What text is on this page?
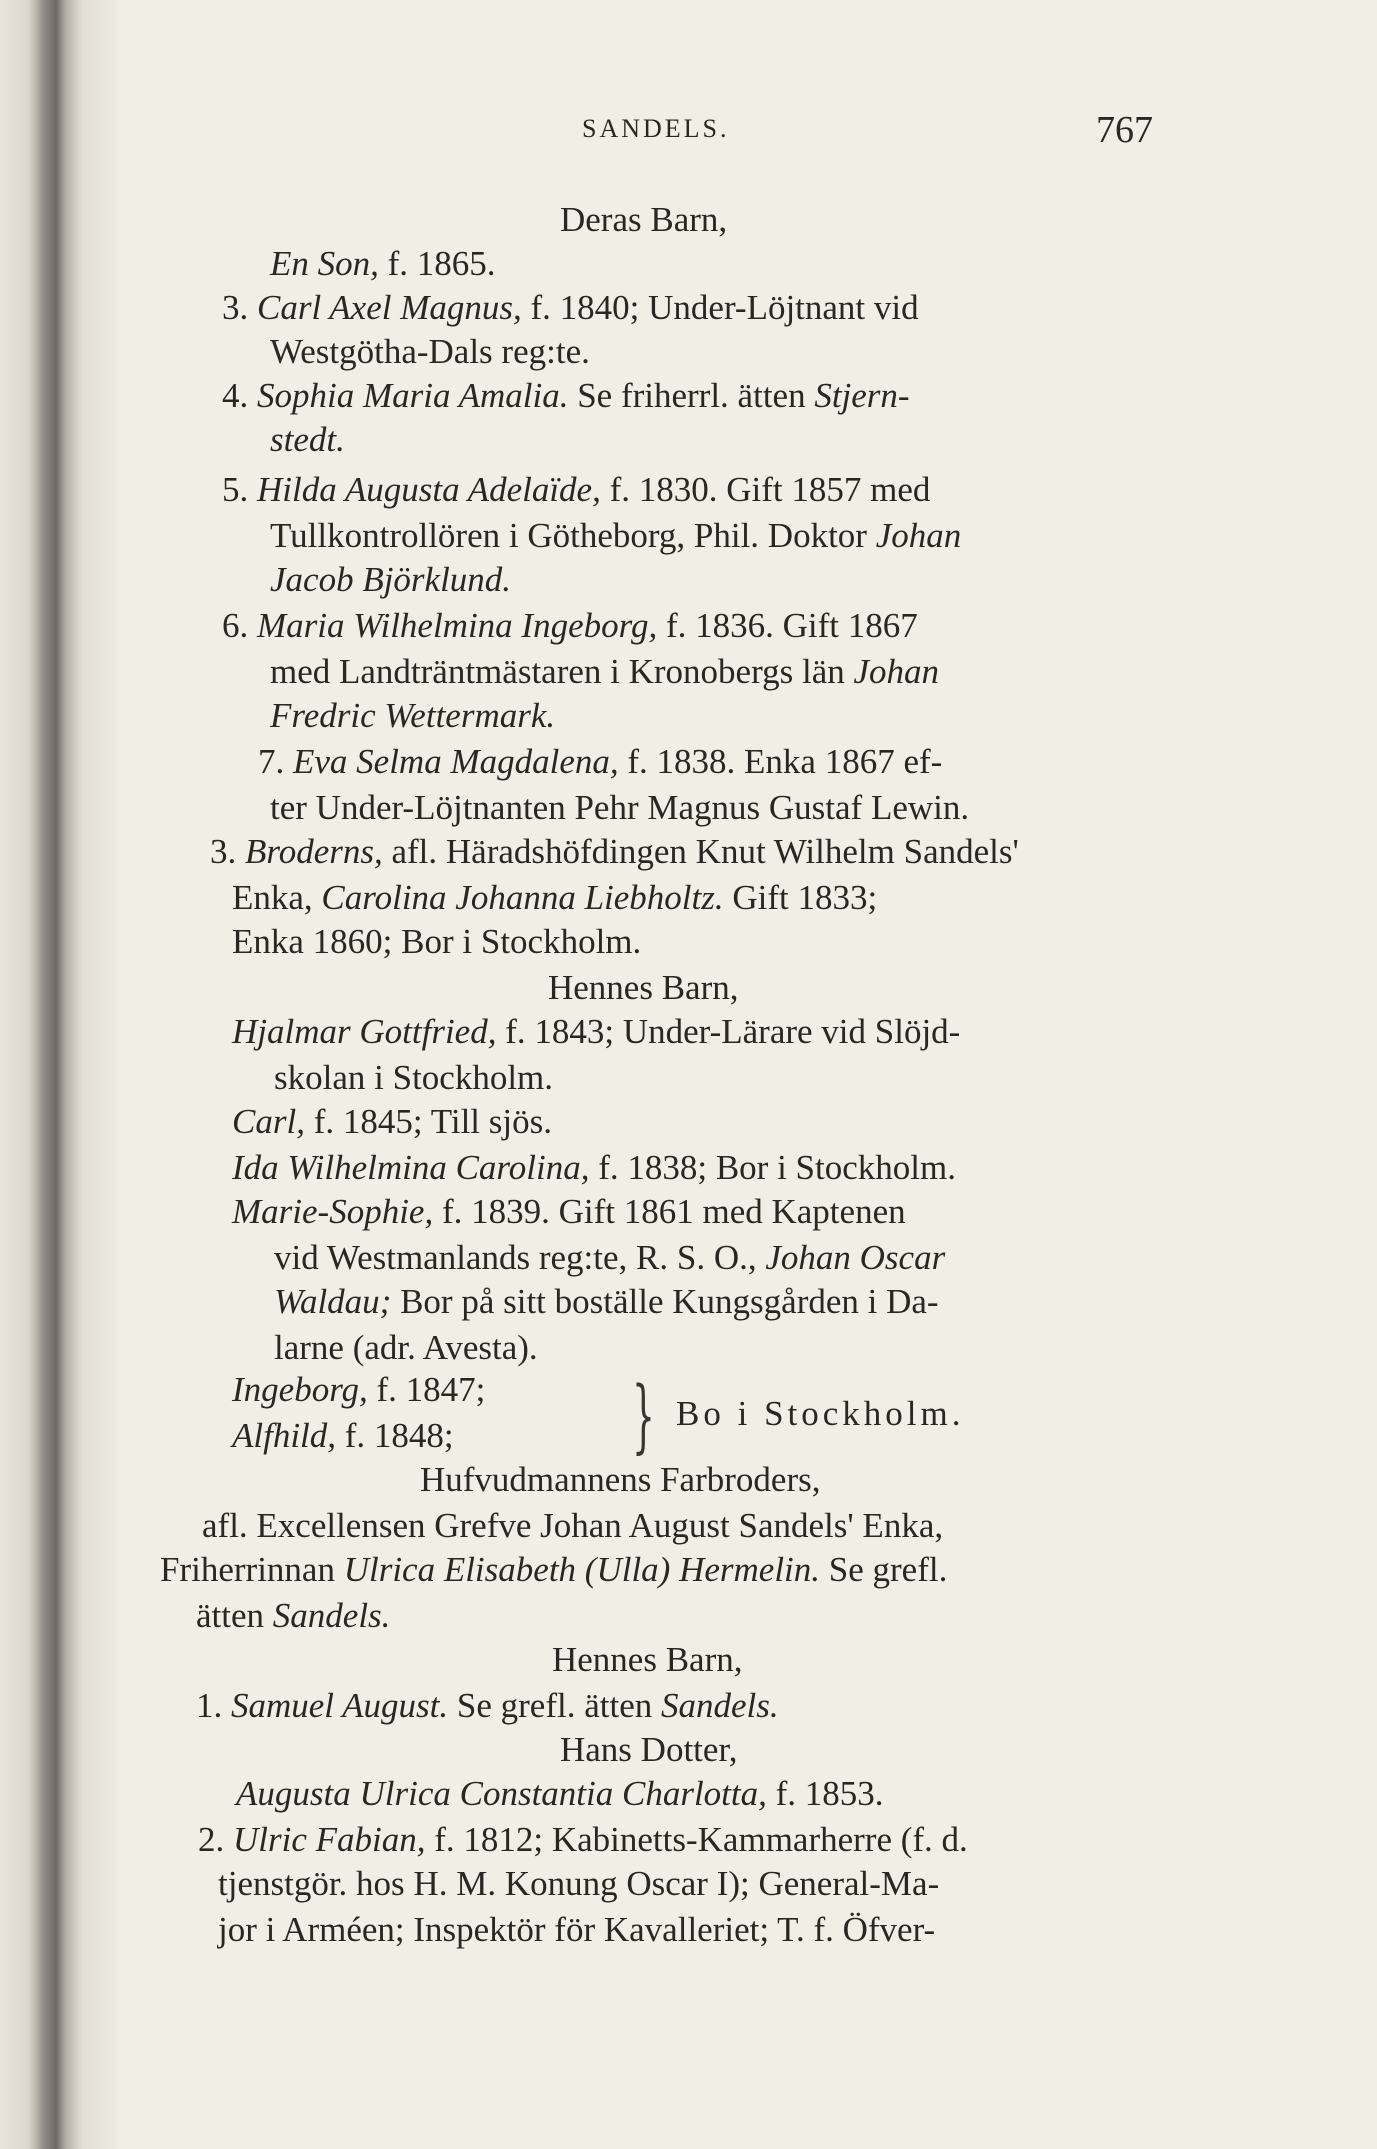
SANDELS.	767
Deras Barn,
En Son, f. 1865.
3. Carl Axel Magnus, f. 1840; Under-Löjtnant vid
Westgötha-Dals reg:te.
4. Sophia Maria Amalia. Se friherrl. ätten Stjern-
stedt.
5. Hilda Augusta Adelaïde, f. 1830. Gift 1857 med
Tullkontrollören i Götheborg, Phil. Doktor Johan
Jacob Björklund.
6. Maria Wilhelmina Ingeborg, f. 1836. Gift 1867
med Landträntmästaren i Kronobergs län Johan
Fredric Wettermark.
7. Eva Selma Magdalena, f. 1838. Enka 1867 ef-
ter Under-Löjtnanten Pehr Magnus Gustaf Lewin.
3. Broderns, afl. Häradshöfdingen Knut Wilhelm Sandels'
Enka, Carolina Johanna Liebholtz. Gift 1833;
Enka 1860; Bor i Stockholm.
Hennes Barn,
Hjalmar Gottfried, f. 1843; Under-Lärare vid Slöjd-
skolan i Stockholm.
Carl, f. 1845; Till sjös.
Ida Wilhelmina Carolina, f. 1838; Bor i Stockholm.
Marie-Sophie, f. 1839. Gift 1861 med Kaptenen
vid Westmanlands reg:te, R. S. O., Johan Oscar
Waldau; Bor på sitt boställe Kungsgården i Da-
larne (adr. Avesta).
Ingeborg, f. 1847;
Alfhild, f. 1848; } Bo i Stockholm.
Hufvudmannens Farbroders,
afl. Excellensen Grefve Johan August Sandels' Enka,
Friherrinnan Ulrica Elisabeth (Ulla) Hermelin. Se grefl.
ätten Sandels.
Hennes Barn,
1. Samuel August. Se grefl. ätten Sandels.
Hans Dotter,
Augusta Ulrica Constantia Charlotta, f. 1853.
2. Ulric Fabian, f. 1812; Kabinetts-Kammarherre (f. d.
tjenstgör. hos H. M. Konung Oscar I); General-Ma-
jor i Arméen; Inspektör för Kavalleriet; T. f. Öfver-
